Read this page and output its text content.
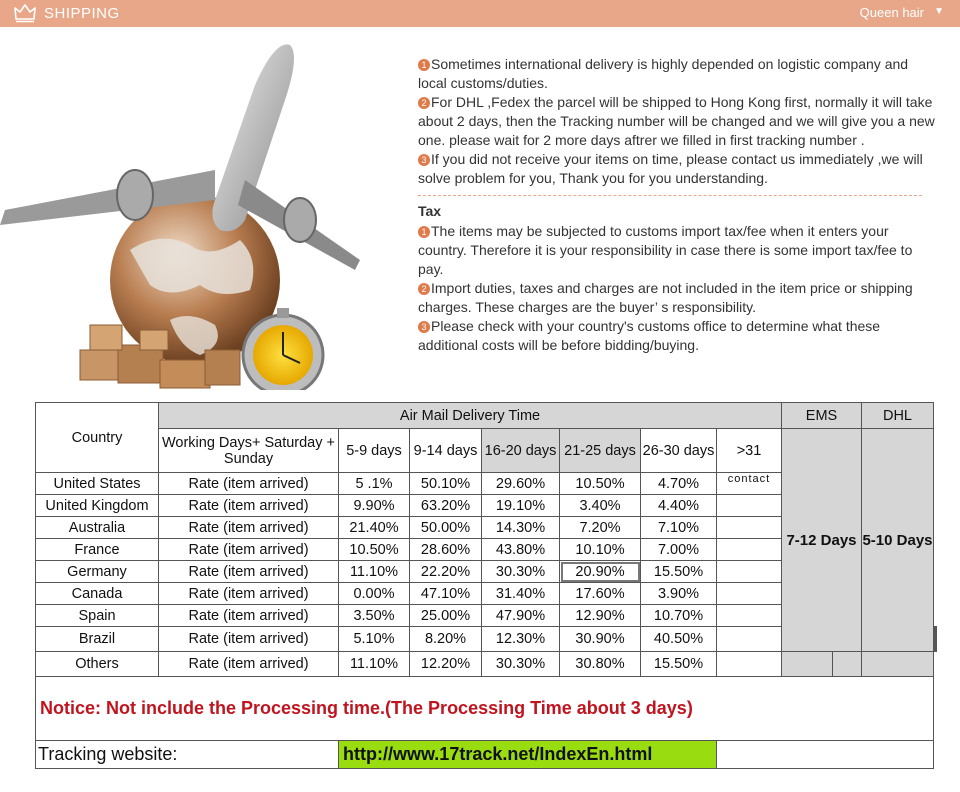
SHIPPING	Queen hair ▼

1 Sometimes international delivery is highly depended on logistic company and local customs/duties.

2 For DHL ,Fedex the parcel will be shipped to Hong Kong first, normally it will take about 2 days, then the Tracking number will be changed and we will give you a new one. please wait for 2 more days aftrer we filled in first tracking number .

3 If you did not receive your items on time, please contact us immediately ,we will solve problem for you, Thank you for you understanding.

Tax

1 The items may be subjected to customs import tax/fee when it enters your country. Therefore it is your responsibility in case there is some import tax/fee to pay.

2 Import duties, taxes and charges are not included in the item price or shipping charges. These charges are the buyer’ s responsibility.

3 Please check with your country's customs office to determine what these additional costs will be before bidding/buying.

Country	Air Mail Delivery Time							EMS		DHL		
	Working Days+ Saturday + Sunday	5-9 days	9-14 days	16-20 days	21-25 days	26-30 days	>31	7-12 Days		5-10 Days		

United States	Rate (item arrived)	5 .1%	50.10%	29.60%	10.50%	4.70%	contact					
United Kingdom	Rate (item arrived)	9.90%	63.20%	19.10%	3.40%	4.40%						
Australia	Rate (item arrived)	21.40%	50.00%	14.30%	7.20%	7.10%						
France	Rate (item arrived)	10.50%	28.60%	43.80%	10.10%	7.00%						
Germany	Rate (item arrived)	11.10%	22.20%	30.30%	20.90%	15.50%						
Canada	Rate (item arrived)	0.00%	47.10%	31.40%	17.60%	3.90%						
Spain	Rate (item arrived)	3.50%	25.00%	47.90%	12.90%	10.70%						
Brazil	Rate (item arrived)	5.10%	8.20%	12.30%	30.90%	40.50%						
Others	Rate (item arrived)	11.10%	12.20%	30.30%	30.80%	15.50%						
Notice: Not include the Processing time.(The Processing Time about 3 days)												
Tracking website:		http://www.17track.net/IndexEn.html										
